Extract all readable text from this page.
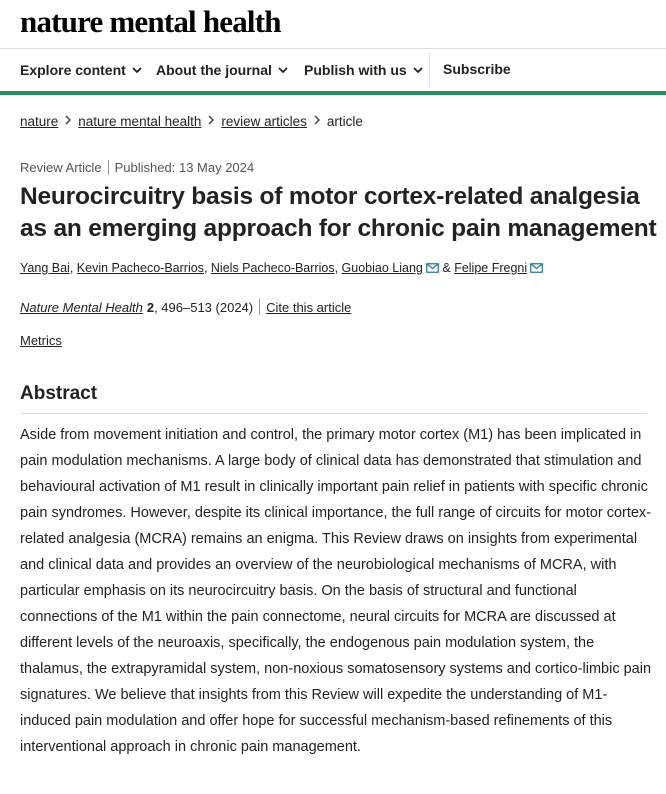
nature mental health
Explore content	About the journal	Publish with us	Subscribe
nature nature mental health review articles article
Review Article Published: 13 May 2024
Neurocircuitry basis of motor cortex-related analgesia as an emerging approach for chronic pain management
Yang Bai, Kevin Pacheco-Barrios, Niels Pacheco-Barrios, Guobiao Liang & Felipe Fregni
Nature Mental Health 2, 496–513 (2024) Cite this article
Metrics
Abstract

Aside from movement initiation and control, the primary motor cortex (M1) has been implicated in pain modulation mechanisms. A large body of clinical data has demonstrated that stimulation and behavioural activation of M1 result in clinically important pain relief in patients with specific chronic pain syndromes. However, despite its clinical importance, the full range of circuits for motor cortex-related analgesia (MCRA) remains an enigma. This Review draws on insights from experimental and clinical data and provides an overview of the neurobiological mechanisms of MCRA, with particular emphasis on its neurocircuitry basis. On the basis of structural and functional connections of the M1 within the pain connectome, neural circuits for MCRA are discussed at different levels of the neuroaxis, specifically, the endogenous pain modulation system, the thalamus, the extrapyramidal system, non-noxious somatosensory systems and cortico-limbic pain signatures. We believe that insights from this Review will expedite the understanding of M1-induced pain modulation and offer hope for successful mechanism-based refinements of this interventional approach in chronic pain management.
